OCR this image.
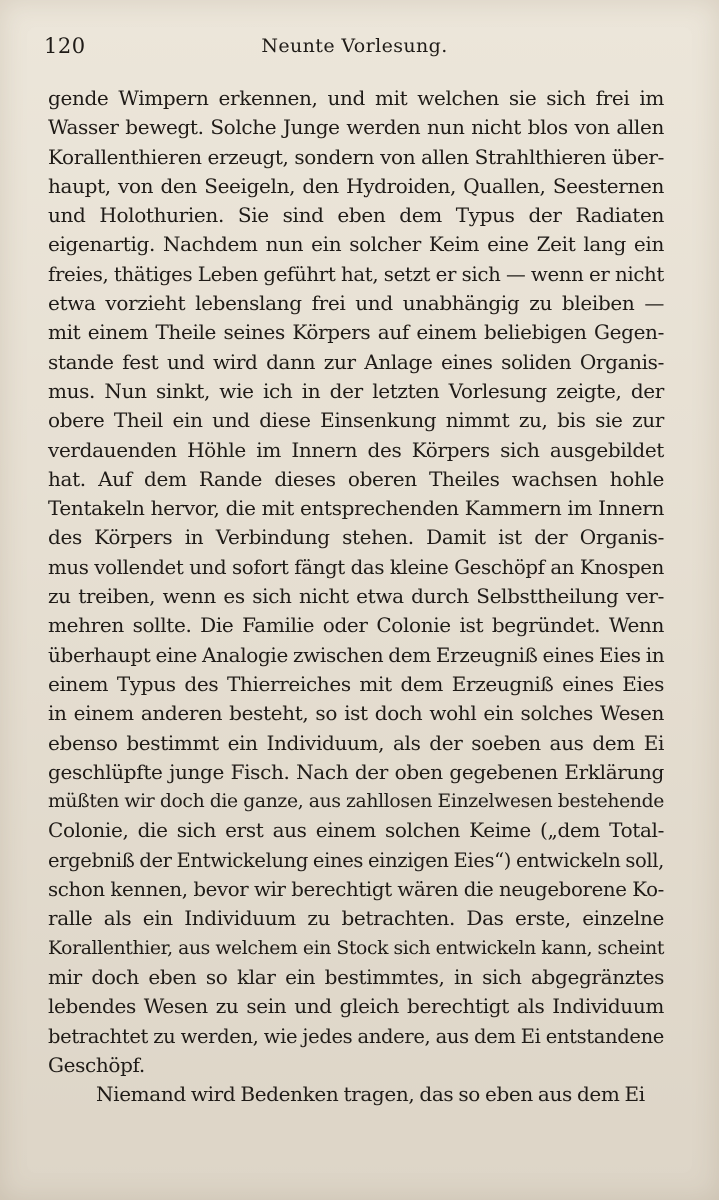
120	Neunte Vorlesung.
gende Wimpern erkennen, und mit welchen sie sich frei im
Wasser bewegt. Solche Junge werden nun nicht blos von allen
Korallenthieren erzeugt, sondern von allen Strahlthieren über-
haupt, von den Seeigeln, den Hydroiden, Quallen, Seesternen
und Holothurien. Sie sind eben dem Typus der Radiaten
eigenartig. Nachdem nun ein solcher Keim eine Zeit lang ein
freies, thätiges Leben geführt hat, setzt er sich — wenn er nicht
etwa vorzieht lebenslang frei und unabhängig zu bleiben —
mit einem Theile seines Körpers auf einem beliebigen Gegen-
stande fest und wird dann zur Anlage eines soliden Organis-
mus. Nun sinkt, wie ich in der letzten Vorlesung zeigte, der
obere Theil ein und diese Einsenkung nimmt zu, bis sie zur
verdauenden Höhle im Innern des Körpers sich ausgebildet
hat. Auf dem Rande dieses oberen Theiles wachsen hohle
Tentakeln hervor, die mit entsprechenden Kammern im Innern
des Körpers in Verbindung stehen. Damit ist der Organis-
mus vollendet und sofort fängt das kleine Geschöpf an Knospen
zu treiben, wenn es sich nicht etwa durch Selbsttheilung ver-
mehren sollte. Die Familie oder Colonie ist begründet. Wenn
überhaupt eine Analogie zwischen dem Erzeugniß eines Eies in
einem Typus des Thierreiches mit dem Erzeugniß eines Eies
in einem anderen besteht, so ist doch wohl ein solches Wesen
ebenso bestimmt ein Individuum, als der soeben aus dem Ei
geschlüpfte junge Fisch. Nach der oben gegebenen Erklärung
müßten wir doch die ganze, aus zahllosen Einzelwesen bestehende
Colonie, die sich erst aus einem solchen Keime („dem Total-
ergebniß der Entwickelung eines einzigen Eies“) entwickeln soll,
schon kennen, bevor wir berechtigt wären die neugeborene Ko-
ralle als ein Individuum zu betrachten. Das erste, einzelne
Korallenthier, aus welchem ein Stock sich entwickeln kann, scheint
mir doch eben so klar ein bestimmtes, in sich abgegränztes
lebendes Wesen zu sein und gleich berechtigt als Individuum
betrachtet zu werden, wie jedes andere, aus dem Ei entstandene
Geschöpf.
Niemand wird Bedenken tragen, das so eben aus dem Ei
